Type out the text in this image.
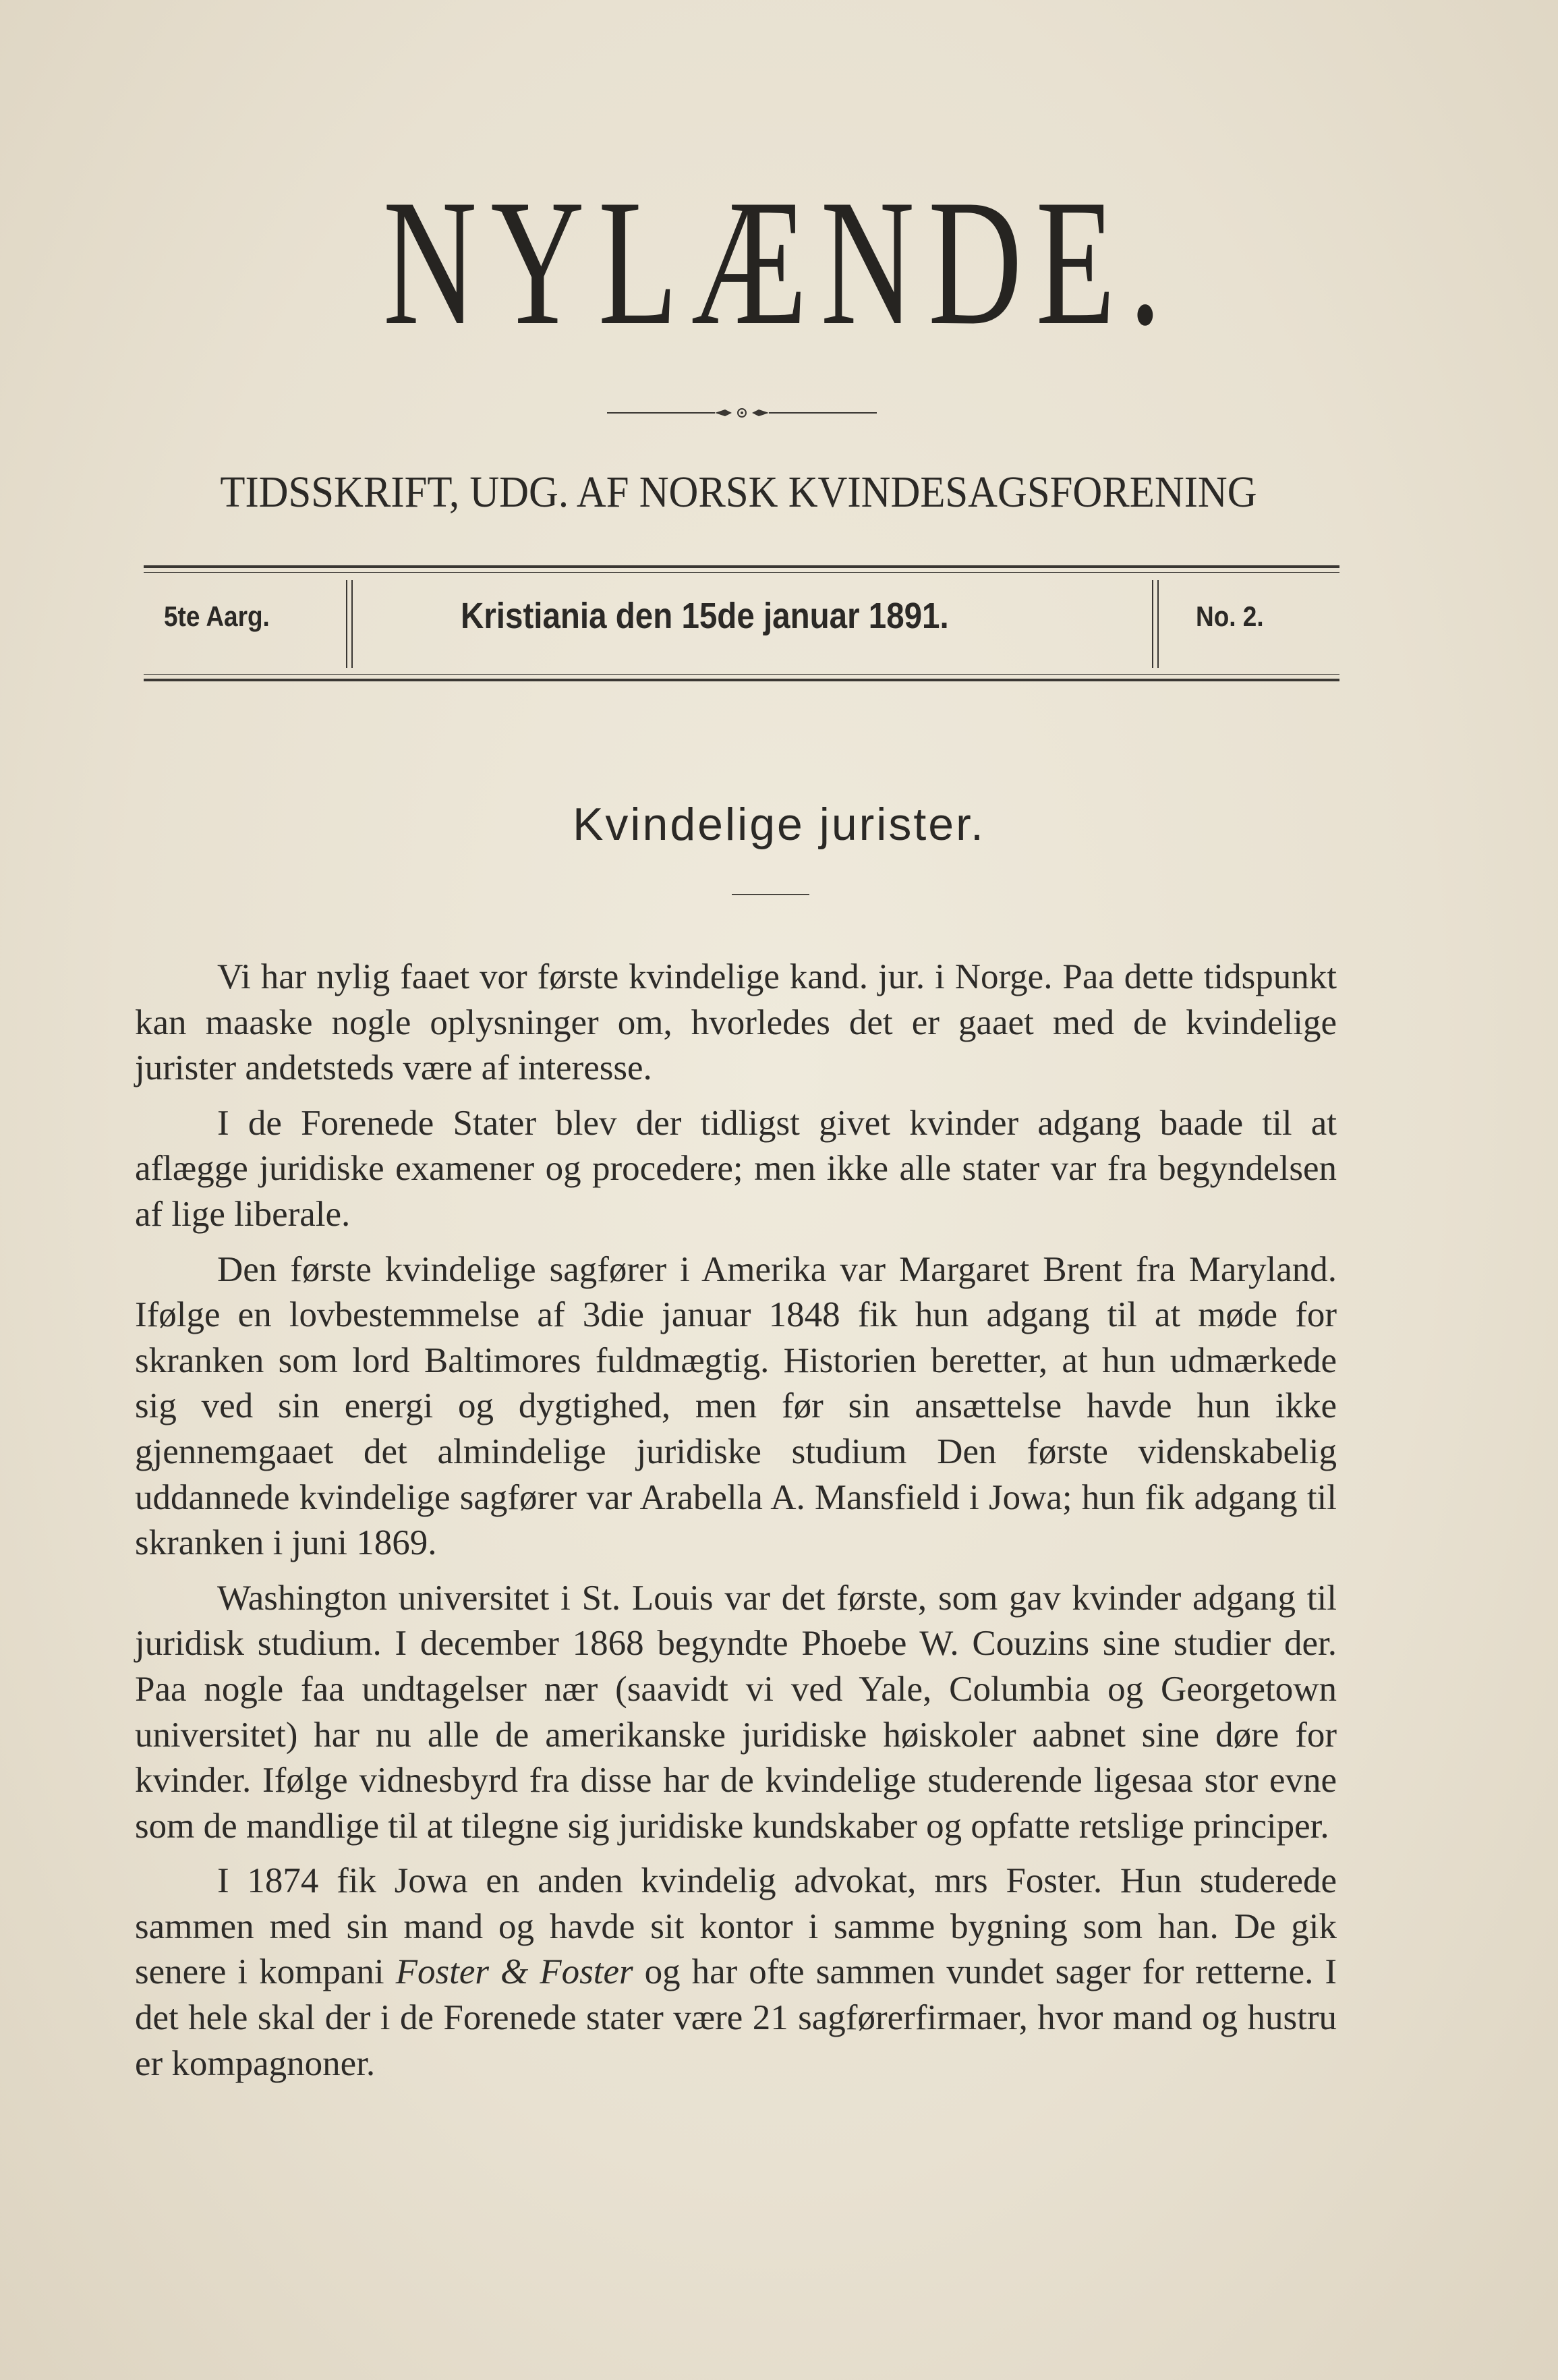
NYLÆNDE.
TIDSSKRIFT, UDG. AF NORSK KVINDESAGSFORENING
5te Aarg.	Kristiania den 15de januar 1891.	No. 2.
Kvindelige jurister.

Vi har nylig faaet vor første kvindelige kand. jur. i Norge. Paa dette tidspunkt kan maaske nogle oplysninger om, hvorledes det er gaaet med de kvindelige jurister andetsteds være af interesse.

I de Forenede Stater blev der tidligst givet kvinder adgang baade til at aflægge juridiske examener og procedere; men ikke alle stater var fra begyndelsen af lige liberale.

Den første kvindelige sagfører i Amerika var Margaret Brent fra Maryland. Ifølge en lovbestemmelse af 3die januar 1848 fik hun adgang til at møde for skranken som lord Baltimores fuldmægtig. Historien beretter, at hun udmærkede sig ved sin energi og dygtighed, men før sin ansættelse havde hun ikke gjennemgaaet det almindelige juridiske studium Den første videnskabelig uddannede kvindelige sagfører var Arabella A. Mansfield i Jowa; hun fik adgang til skranken i juni 1869.

Washington universitet i St. Louis var det første, som gav kvinder adgang til juridisk studium. I december 1868 begyndte Phoebe W. Couzins sine studier der. Paa nogle faa undtagelser nær (saavidt vi ved Yale, Columbia og Georgetown universitet) har nu alle de amerikanske juridiske høiskoler aabnet sine døre for kvinder. Ifølge vidnesbyrd fra disse har de kvindelige studerende ligesaa stor evne som de mandlige til at tilegne sig juridiske kundskaber og opfatte retslige principer.

I 1874 fik Jowa en anden kvindelig advokat, mrs Foster. Hun studerede sammen med sin mand og havde sit kontor i samme bygning som han. De gik senere i kompani Foster & Foster og har ofte sammen vundet sager for retterne. I det hele skal der i de Forenede stater være 21 sagførerfirmaer, hvor mand og hustru er kompagnoner.
